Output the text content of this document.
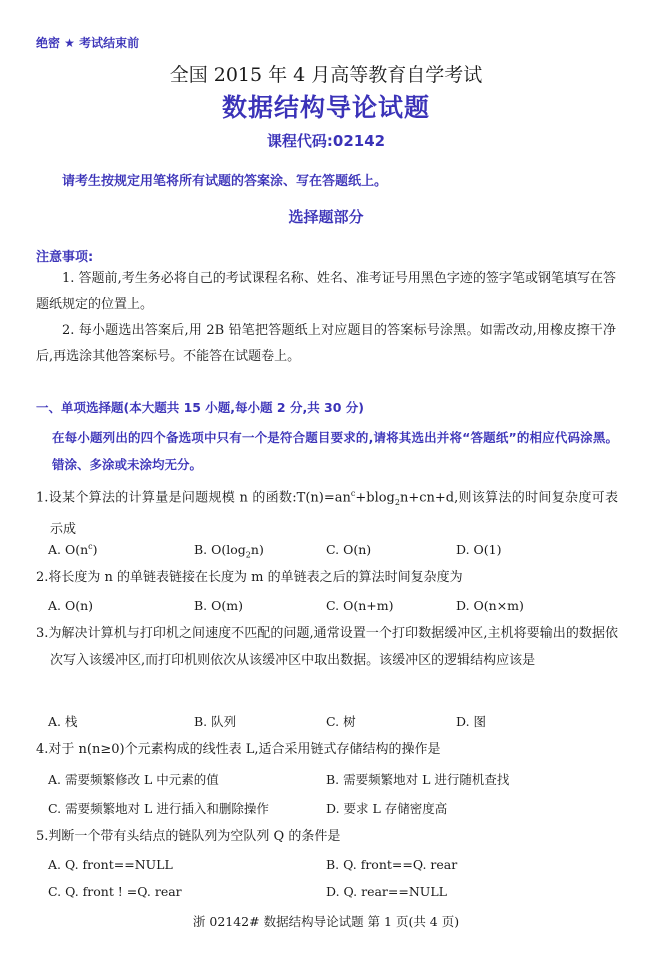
绝密 ★ 考试结束前
全国 2015 年 4 月高等教育自学考试
数据结构导论试题
课程代码:02142
请考生按规定用笔将所有试题的答案涂、写在答题纸上。
选择题部分
注意事项:
1. 答题前,考生务必将自己的考试课程名称、姓名、准考证号用黑色字迹的签字笔或钢笔填写在答题纸规定的位置上。
2. 每小题选出答案后,用 2B 铅笔把答题纸上对应题目的答案标号涂黑。如需改动,用橡皮擦干净后,再选涂其他答案标号。不能答在试题卷上。
一、单项选择题(本大题共 15 小题,每小题 2 分,共 30 分)
在每小题列出的四个备选项中只有一个是符合题目要求的,请将其选出并将“答题纸”的相应代码涂黑。错涂、多涂或未涂均无分。
1.设某个算法的计算量是问题规模 n 的函数$:T(n)=an^c+blog_2n+cn+d$,则该算法的时间复杂度可表示成
A. $O(n^c)$	B. $O(\log_2n)$	C. O(n)	D. O(1)
2.将长度为 n 的单链表链接在长度为 m 的单链表之后的算法时间复杂度为
A. O(n)	B. O(m)	C. O(n+m)	D. O(n×m)
3.为解决计算机与打印机之间速度不匹配的问题,通常设置一个打印数据缓冲区,主机将要输出的数据依次写入该缓冲区,而打印机则依次从该缓冲区中取出数据。该缓冲区的逻辑结构应该是
A. 栈	B. 队列	C. 树	D. 图
4.对于 n(n≥0)个元素构成的线性表 L,适合采用链式存储结构的操作是
A. 需要频繁修改 L 中元素的值	B. 需要频繁地对 L 进行随机查找
C. 需要频繁地对 L 进行插入和删除操作	D. 要求 L 存储密度高
5.判断一个带有头结点的链队列为空队列 Q 的条件是
A. Q. front==NULL	B. Q. front==Q. rear
C. Q. front ! =Q. rear	D. Q. rear==NULL
浙 02142# 数据结构导论试题 第 1 页(共 4 页)
